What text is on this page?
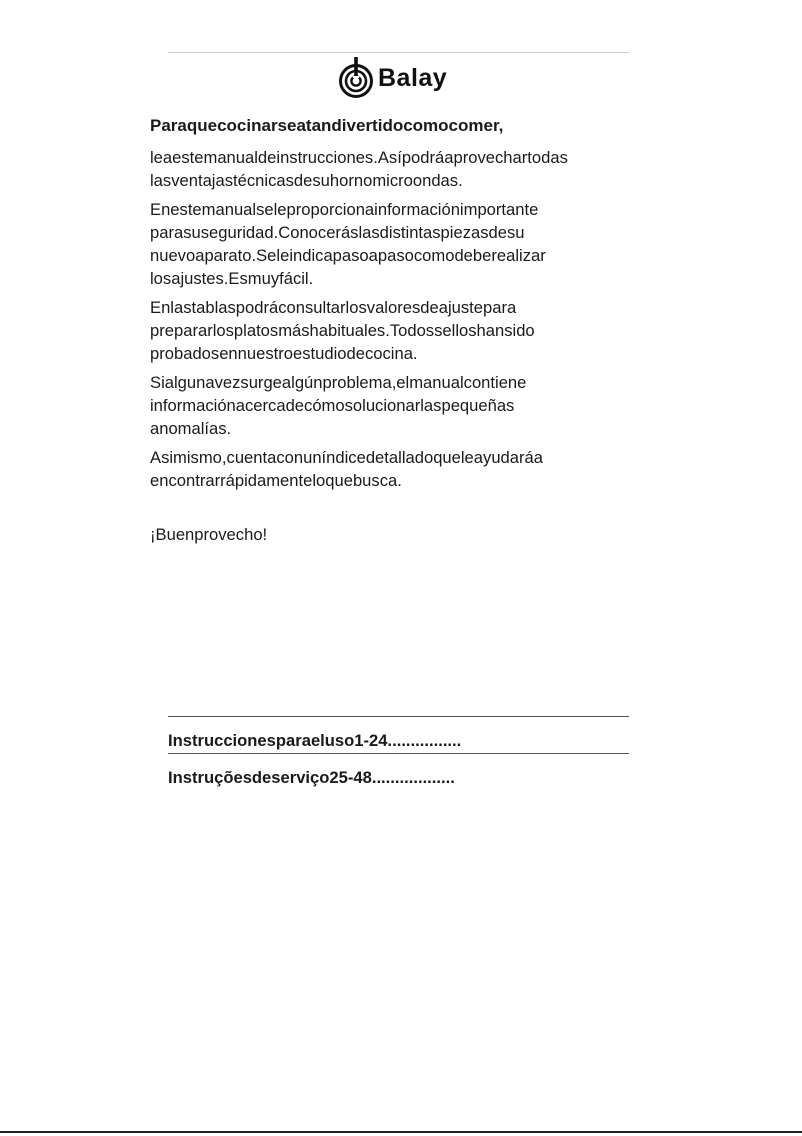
Balay
Paraquecocinarseatandivertidocomocomer,
leaestemanualdeinstrucciones.Asípodráaprovechartodas
lasventajastécnicasdesuhornomicroondas.
Enestemanualseleproporcionainformaciónimportante
parasuseguridad.Conoceráslasdistintaspiezasdesu
nuevoaparato.Seleindicapasoapasocomodeberealizar
losajustes.Esmuyfácil.
Enlastablaspodráconsultarlosvaloresdeajustepara
prepararlosplatosmáshabituales.Todosselloshansido
probadosennuestroestudiodecocina.
Sialgunavezsurgealgúnproblema,elmanualcontiene
informaciónacercadecómosolucionarlaspequeñas
anomalías.
Asimismo,cuentaconuníndicedetalladoqueleayudaráa
encontrarrápidamenteloquebusca.
¡Buenprovecho!
Instruccionesparaeluso1-24................
Instruçõesdeserviço25-48..................
